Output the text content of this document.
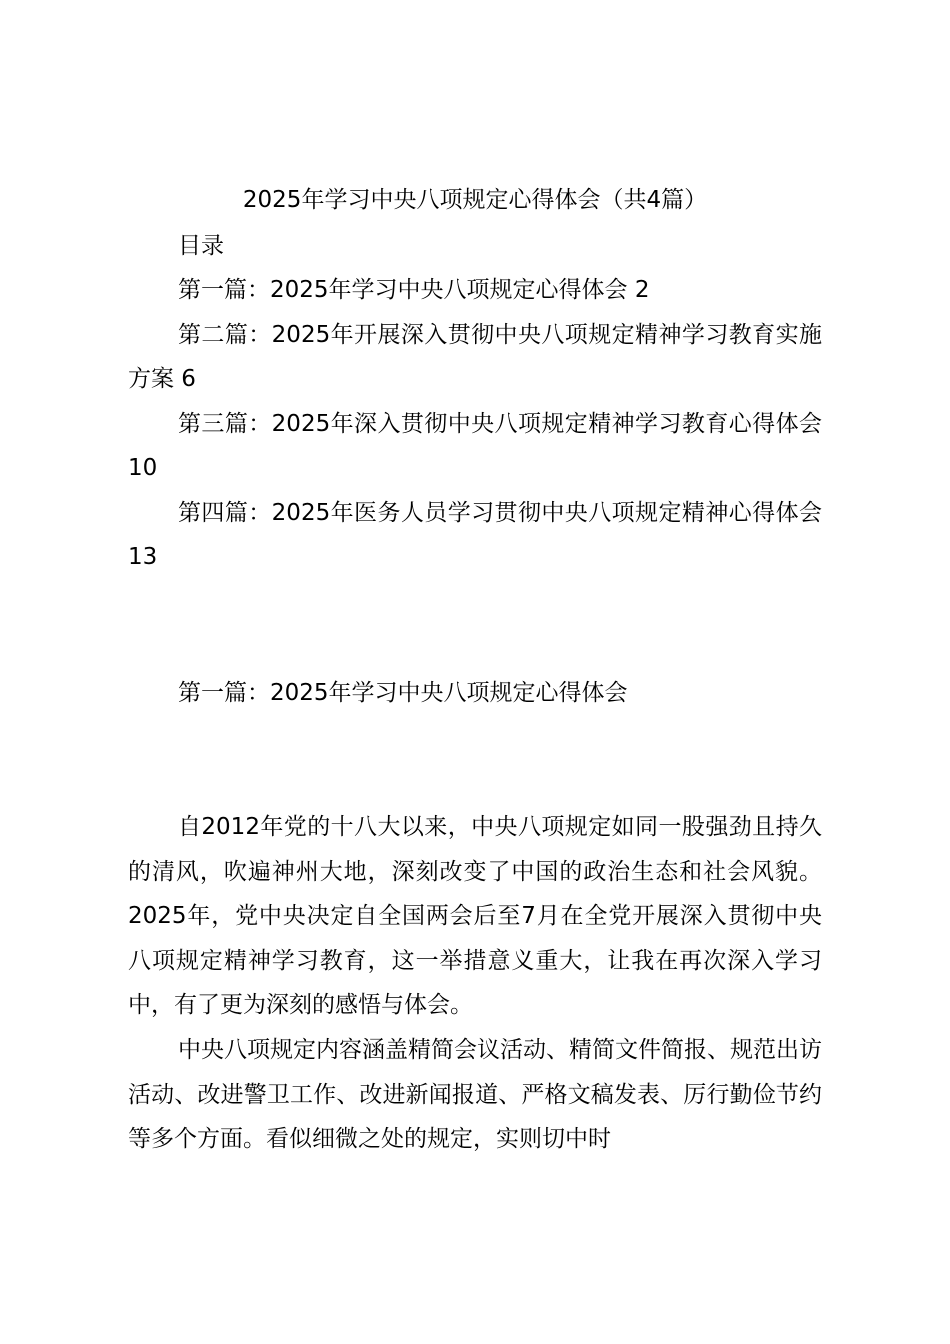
2025年学习中央八项规定心得体会（共4篇）
目录
第一篇：2025年学习中央八项规定心得体会 2
第二篇：2025年开展深入贯彻中央八项规定精神学习教育实施方案 6
第三篇：2025年深入贯彻中央八项规定精神学习教育心得体会 10
第四篇：2025年医务人员学习贯彻中央八项规定精神心得体会 13
第一篇：2025年学习中央八项规定心得体会

自2012年党的十八大以来，中央八项规定如同一股强劲且持久的清风，吹遍神州大地，深刻改变了中国的政治生态和社会风貌。2025年，党中央决定自全国两会后至7月在全党开展深入贯彻中央八项规定精神学习教育，这一举措意义重大，让我在再次深入学习中，有了更为深刻的感悟与体会。

中央八项规定内容涵盖精简会议活动、精简文件简报、规范出访活动、改进警卫工作、改进新闻报道、严格文稿发表、厉行勤俭节约等多个方面。看似细微之处的规定，实则切中时
